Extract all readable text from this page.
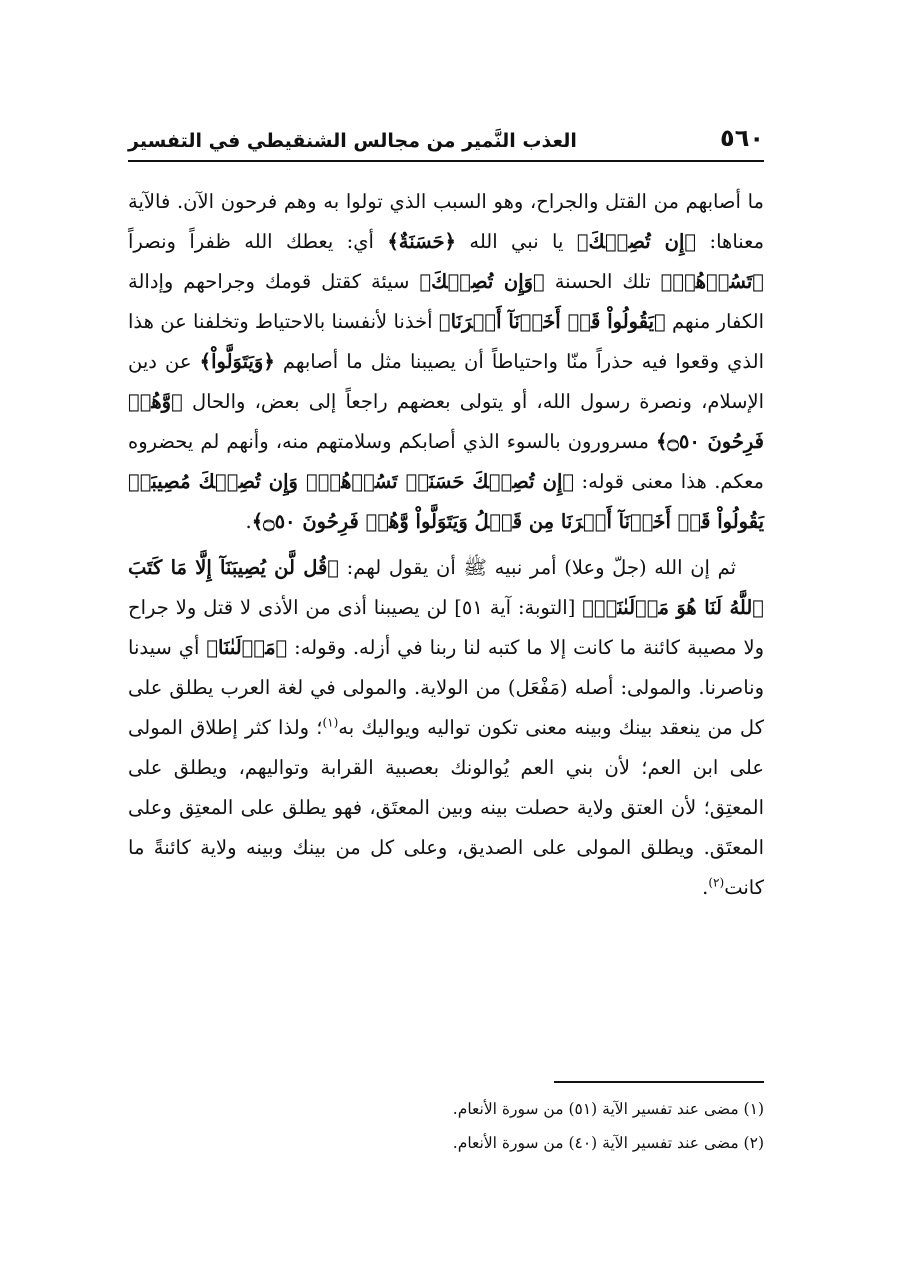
٥٦٠
العذب النَّمير من مجالس الشنقيطي في التفسير

ما أصابهم من القتل والجراح، وهو السبب الذي تولوا به وهم فرحون الآن. فالآية معناها: ﴿إِن تُصِبۡكَ﴾ يا نبي الله ﴿حَسَنَةٌ﴾ أي: يعطك الله ظفراً ونصراً ﴿تَسُؤۡهُمۡ﴾ تلك الحسنة ﴿وَإِن تُصِبۡكَ﴾ سيئة كقتل قومك وجراحهم وإدالة الكفار منهم ﴿يَقُولُواْ قَدۡ أَخَذۡنَآ أَمۡرَنَا﴾ أخذنا لأنفسنا بالاحتياط وتخلفنا عن هذا الذي وقعوا فيه حذراً منّا واحتياطاً أن يصيبنا مثل ما أصابهم ﴿وَيَتَوَلَّواْ﴾ عن دين الإسلام، ونصرة رسول الله، أو يتولى بعضهم راجعاً إلى بعض، والحال ﴿وَّهُمۡ فَرِحُونَ ۝٥٠﴾ مسرورون بالسوء الذي أصابكم وسلامتهم منه، وأنهم لم يحضروه معكم. هذا معنى قوله: ﴿إِن تُصِبۡكَ حَسَنَةٞ تَسُؤۡهُمۡۖ وَإِن تُصِبۡكَ مُصِيبَةٞ يَقُولُواْ قَدۡ أَخَذۡنَآ أَمۡرَنَا مِن قَبۡلُ وَيَتَوَلَّواْ وَّهُمۡ فَرِحُونَ ۝٥٠﴾.

ثم إن الله (جلّ وعلا) أمر نبيه ﷺ أن يقول لهم: ﴿قُل لَّن يُصِيبَنَآ إِلَّا مَا كَتَبَ ٱللَّهُ لَنَا هُوَ مَوۡلَىٰنَاۚ﴾ [التوبة: آية ٥١] لن يصيبنا أذى من الأذى لا قتل ولا جراح ولا مصيبة كائنة ما كانت إلا ما كتبه لنا ربنا في أزله. وقوله: ﴿مَوۡلَىٰنَا﴾ أي سيدنا وناصرنا. والمولى: أصله (مَفْعَل) من الولاية. والمولى في لغة العرب يطلق على كل من ينعقد بينك وبينه معنى تكون تواليه ويواليك به$^{(١)}$؛ ولذا كثر إطلاق المولى على ابن العم؛ لأن بني العم يُوالونك بعصبية القرابة وتواليهم، ويطلق على المعتِق؛ لأن العتق ولاية حصلت بينه وبين المعتَق، فهو يطلق على المعتِق وعلى المعتَق. ويطلق المولى على الصديق، وعلى كل من بينك وبينه ولاية كائنةً ما كانت$^{(٢)}$.

(١) مضى عند تفسير الآية (٥١) من سورة الأنعام.

(٢) مضى عند تفسير الآية (٤٠) من سورة الأنعام.
